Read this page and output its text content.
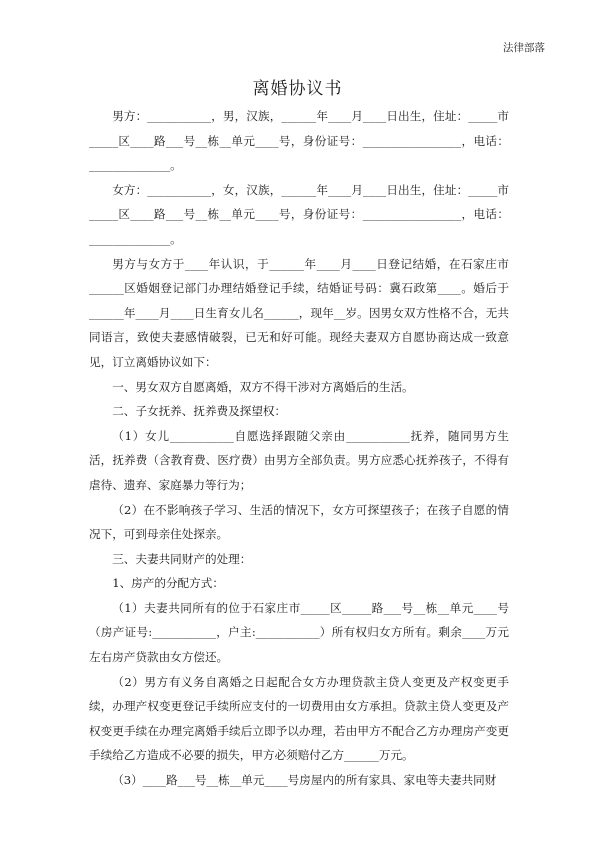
法律部落
离婚协议书

男方：___________，男，汉族，______年____月____日出生，住址：_____市_____区____路___号__栋__单元____号，身份证号：_________________，电话：______________。

女方：___________，女，汉族，______年____月____日出生，住址：_____市_____区____路___号__栋__单元____号，身份证号：_________________，电话：______________。

男方与女方于____年认识，于______年____月____日登记结婚，在石家庄市______区婚姻登记部门办理结婚登记手续，结婚证号码：冀石政第____。婚后于______年____月____日生育女儿名______，现年__岁。因男女双方性格不合，无共同语言，致使夫妻感情破裂，已无和好可能。现经夫妻双方自愿协商达成一致意见，订立离婚协议如下：

一、男女双方自愿离婚，双方不得干涉对方离婚后的生活。

二、子女抚养、抚养费及探望权：

（1）女儿___________自愿选择跟随父亲由___________抚养，随同男方生活，抚养费（含教育费、医疗费）由男方全部负责。男方应悉心抚养孩子，不得有虐待、遗弃、家庭暴力等行为；

（2）在不影响孩子学习、生活的情况下，女方可探望孩子；在孩子自愿的情况下，可到母亲住处探亲。

三、夫妻共同财产的处理：

1、房产的分配方式：

（1）夫妻共同所有的位于石家庄市_____区_____路___号__栋__单元____号（房产证号:___________，户主:___________）所有权归女方所有。剩余____万元左右房产贷款由女方偿还。

（2）男方有义务自离婚之日起配合女方办理贷款主贷人变更及产权变更手续，办理产权变更登记手续所应支付的一切费用由女方承担。贷款主贷人变更及产权变更手续在办理完离婚手续后立即予以办理，若由甲方不配合乙方办理房产变更手续给乙方造成不必要的损失，甲方必须赔付乙方______万元。

（3）____路___号__栋__单元____号房屋内的所有家具、家电等夫妻共同财
